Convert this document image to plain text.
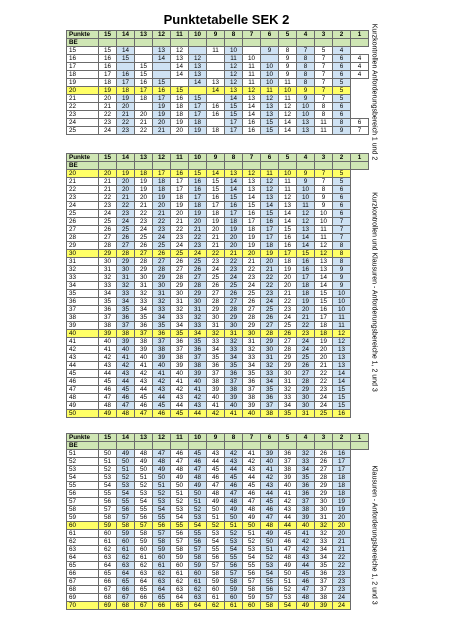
Punktetabelle SEK 2
Punkte	15	14	13	12	11	10	9	8	7	6	5	4	3	2	1
BE															
15	15	14		13	12		11	10		9	8	7	5	4	
16	16	15		14	13	12		11	10		9	8	7	6	4
17	16		15		14	13		12	11	10	9	8	7	6	4
18	17	16	15		14	13		12	11	10	9	8	7	6	4
19	18	17	16	15		14	13	12	11	10	11	8	7	5	
20	19	18	17	16	15		14	13	12	11	10	9	7	5	
21	20	19	18	17	16	15		14	13	12	11	9	7	5	
22	21	20		19	18	17	16	15	14	13	12	10	8	6	
23	22	21	20	19	18	17	16	15	14	13	12	10	8	6	
24	23	22	21	20	19	18		17	16	15	14	13	11	8	6
25	24	23	22	21	20	19	18	17	16	15	14	13	11	9	7
Punkte	15	14	13	12	11	10	9	8	7	6	5	4	3	2	1
BE															
20	20	19	18	17	16	15	14	13	12	11	10	9	7	5	
21	21	20	19	18	17	16	15	14	13	12	11	9	7	5	
22	21	20	19	18	17	16	15	14	13	12	11	10	8	6	
23	22	21	20	19	18	17	16	15	14	13	12	10	9	6	
24	23	22	21	20	19	18	17	16	15	14	13	11	9	6	
25	24	23	22	21	20	19	18	17	16	15	14	12	10	6	
26	25	24	23	22	21	20	19	18	17	16	14	12	10	7	
27	26	25	24	23	22	21	20	19	18	17	15	13	11	7	
28	27	26	25	24	23	22	21	20	19	17	16	14	11	7	
29	28	27	26	25	24	23	21	20	19	18	16	14	12	8	
30	29	28	27	26	25	24	22	21	20	19	17	15	12	8	
31	30	29	28	27	26	25	23	22	21	20	18	16	13	8	
32	31	30	29	28	27	26	24	23	22	21	19	16	13	9	
33	32	31	30	29	28	27	25	24	23	22	20	17	14	9	
34	33	32	31	30	29	28	26	25	24	22	20	18	14	9	
35	34	33	32	31	30	29	27	26	25	23	21	18	15	10	
36	35	34	33	32	31	30	28	27	26	24	22	19	15	10	
37	36	35	34	33	32	31	29	28	27	25	23	20	16	10	
38	37	36	35	34	33	32	30	29	28	26	24	21	17	11	
39	38	37	36	35	34	33	31	30	29	27	25	22	18	11	
40	39	38	37	36	35	34	32	31	30	28	26	23	18	12	
41	40	39	38	37	36	35	33	32	31	29	27	24	19	12	
42	41	40	39	38	37	36	34	33	32	30	28	24	20	13	
43	42	41	40	39	38	37	35	34	33	31	29	25	20	13	
44	43	42	41	40	39	38	36	35	34	32	29	26	21	13	
45	44	43	42	41	40	39	37	36	35	33	30	27	22	14	
46	45	44	43	42	41	40	38	37	36	34	31	28	22	14	
47	46	45	44	43	42	41	39	38	37	35	32	29	23	15	
48	47	46	45	44	43	42	40	39	38	36	33	30	24	15	
49	48	47	46	45	44	43	41	40	39	37	34	30	24	15	
50	49	48	47	46	45	44	42	41	40	38	35	31	25	16	
Punkte	15	14	13	12	11	10	9	8	7	6	5	4	3	2	1
BE															
51	50	49	48	47	46	45	43	42	41	39	36	32	26	16	
52	51	50	49	48	47	46	44	43	42	40	37	33	26	17	
53	52	51	50	49	48	47	45	44	43	41	38	34	27	17	
54	53	52	51	50	49	48	46	45	44	42	39	35	28	18	
55	54	53	52	51	50	49	47	46	45	43	40	36	29	18	
56	55	54	53	52	51	50	48	47	46	44	41	36	29	18	
57	56	55	54	53	52	51	49	48	47	45	42	37	30	19	
58	57	56	55	54	53	52	50	49	48	46	43	38	30	19	
59	58	57	56	55	54	53	51	50	49	47	44	39	31	20	
60	59	58	57	56	55	54	52	51	50	48	44	40	32	20	
61	60	59	58	57	56	55	53	52	51	49	45	41	32	20	
62	61	60	59	58	57	56	54	53	52	50	46	42	33	21	
63	62	61	60	59	58	57	55	54	53	51	47	42	34	21	
64	63	62	61	60	59	58	56	55	54	52	48	43	34	22	
65	64	63	62	61	60	59	57	56	55	53	49	44	35	22	
66	65	64	63	62	61	60	58	57	56	54	50	45	36	23	
67	66	65	64	63	62	61	59	58	57	55	51	46	37	23	
68	67	66	65	64	63	62	60	59	58	56	52	47	37	23	
69	68	67	66	65	64	63	61	60	59	57	53	48	38	24	
70	69	68	67	66	65	64	62	61	60	58	54	49	39	24	
Kurzkontrollen Anforderungsbereich 1 und 2
Kurzkontrollen und Klausuren - Anforderungsbereiche 1, 2 und 3
Klausuren - Anforderungsbereiche 1, 2 und 3
